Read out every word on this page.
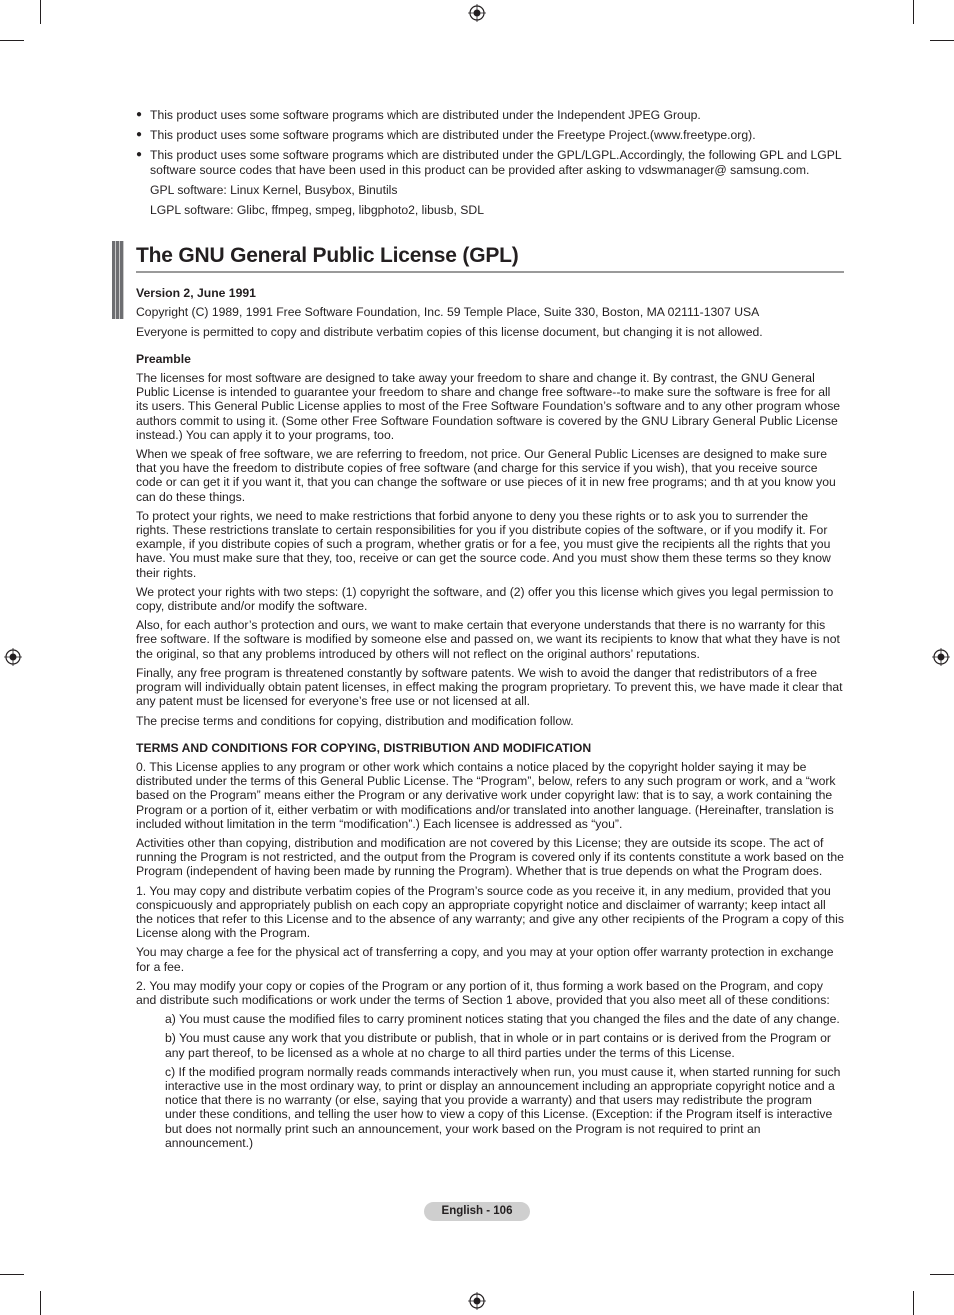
● This product uses some software programs which are distributed under the Independent JPEG Group.
● This product uses some software programs which are distributed under the Freetype Project.(www.freetype.org).
● This product uses some software programs which are distributed under the GPL/LGPL.Accordingly, the following GPL and LGPL software source codes that have been used in this product can be provided after asking to vdswmanager@ samsung.com.

GPL software: Linux Kernel, Busybox, Binutils

LGPL software: Glibc, ffmpeg, smpeg, libgphoto2, libusb, SDL

The GNU General Public License (GPL)

Version 2, June 1991

Copyright (C) 1989, 1991 Free Software Foundation, Inc. 59 Temple Place, Suite 330, Boston, MA 02111-1307 USA

Everyone is permitted to copy and distribute verbatim copies of this license document, but changing it is not allowed.

Preamble

The licenses for most software are designed to take away your freedom to share and change it. By contrast, the GNU General Public License is intended to guarantee your freedom to share and change free software--to make sure the software is free for all its users. This General Public License applies to most of the Free Software Foundation’s software and to any other program whose authors commit to using it. (Some other Free Software Foundation software is covered by the GNU Library General Public License instead.) You can apply it to your programs, too.

When we speak of free software, we are referring to freedom, not price. Our General Public Licenses are designed to make sure that you have the freedom to distribute copies of free software (and charge for this service if you wish), that you receive source code or can get it if you want it, that you can change the software or use pieces of it in new free programs; and th at you know you can do these things.

To protect your rights, we need to make restrictions that forbid anyone to deny you these rights or to ask you to surrender the rights. These restrictions translate to certain responsibilities for you if you distribute copies of the software, or if you modify it. For example, if you distribute copies of such a program, whether gratis or for a fee, you must give the recipients all the rights that you have. You must make sure that they, too, receive or can get the source code. And you must show them these terms so they know their rights.

We protect your rights with two steps: (1) copyright the software, and (2) offer you this license which gives you legal permission to copy, distribute and/or modify the software.

Also, for each author’s protection and ours, we want to make certain that everyone understands that there is no warranty for this free software. If the software is modified by someone else and passed on, we want its recipients to know that what they have is not the original, so that any problems introduced by others will not reflect on the original authors’ reputations.

Finally, any free program is threatened constantly by software patents. We wish to avoid the danger that redistributors of a free program will individually obtain patent licenses, in effect making the program proprietary. To prevent this, we have made it clear that any patent must be licensed for everyone’s free use or not licensed at all.

The precise terms and conditions for copying, distribution and modification follow.

TERMS AND CONDITIONS FOR COPYING, DISTRIBUTION AND MODIFICATION

0. This License applies to any program or other work which contains a notice placed by the copyright holder saying it may be distributed under the terms of this General Public License. The “Program”, below, refers to any such program or work, and a “work based on the Program” means either the Program or any derivative work under copyright law: that is to say, a work containing the Program or a portion of it, either verbatim or with modifications and/or translated into another language. (Hereinafter, translation is included without limitation in the term “modification”.) Each licensee is addressed as “you”.

Activities other than copying, distribution and modification are not covered by this License; they are outside its scope. The act of running the Program is not restricted, and the output from the Program is covered only if its contents constitute a work based on the Program (independent of having been made by running the Program). Whether that is true depends on what the Program does.

1. You may copy and distribute verbatim copies of the Program’s source code as you receive it, in any medium, provided that you conspicuously and appropriately publish on each copy an appropriate copyright notice and disclaimer of warranty; keep intact all the notices that refer to this License and to the absence of any warranty; and give any other recipients of the Program a copy of this License along with the Program.

You may charge a fee for the physical act of transferring a copy, and you may at your option offer warranty protection in exchange for a fee.

2. You may modify your copy or copies of the Program or any portion of it, thus forming a work based on the Program, and copy and distribute such modifications or work under the terms of Section 1 above, provided that you also meet all of these conditions:

a) You must cause the modified files to carry prominent notices stating that you changed the files and the date of any change.

b) You must cause any work that you distribute or publish, that in whole or in part contains or is derived from the Program or any part thereof, to be licensed as a whole at no charge to all third parties under the terms of this License.

c) If the modified program normally reads commands interactively when run, you must cause it, when started running for such interactive use in the most ordinary way, to print or display an announcement including an appropriate copyright notice and a notice that there is no warranty (or else, saying that you provide a warranty) and that users may redistribute the program under these conditions, and telling the user how to view a copy of this License. (Exception: if the Program itself is interactive but does not normally print such an announcement, your work based on the Program is not required to print an announcement.)

English - 106
